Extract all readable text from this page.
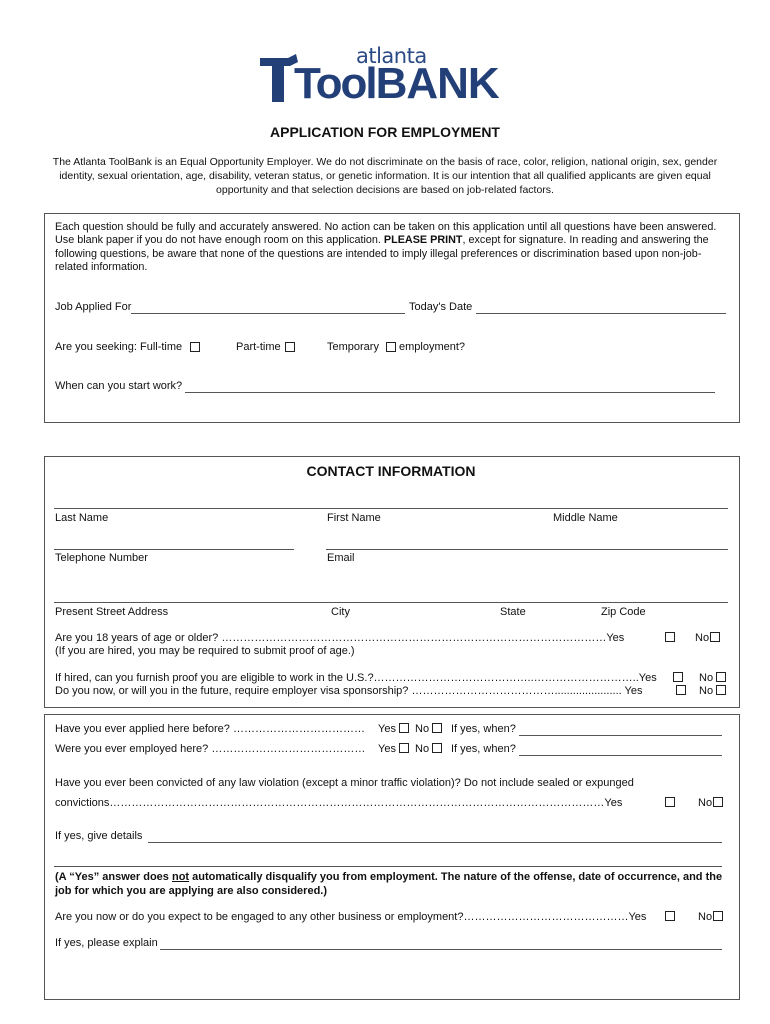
atlanta
ToolBANK
APPLICATION FOR EMPLOYMENT
The Atlanta ToolBank is an Equal Opportunity Employer. We do not discriminate on the basis of race, color, religion, national origin, sex, gender identity, sexual orientation, age, disability, veteran status, or genetic information. It is our intention that all qualified applicants are given equal opportunity and that selection decisions are based on job-related factors.
Each question should be fully and accurately answered. No action can be taken on this application until all questions have been answered. Use blank paper if you do not have enough room on this application. PLEASE PRINT, except for signature. In reading and answering the following questions, be aware that none of the questions are intended to imply illegal preferences or discrimination based upon non-job-related information.
Job Applied For	Today's Date
Are you seeking: Full-time	Part-time	Temporary employment?
When can you start work?
CONTACT INFORMATION
Last Name	First Name	Middle Name
Telephone Number	Email
Present Street Address	City	State	Zip Code
Are you 18 years of age or older? ……………………………………………………………………………………………Yes	No
(If you are hired, you may be required to submit proof of age.)
If hired, can you furnish proof you are eligible to work in the U.S.?……………………………………..………………………..Yes	No
Do you now, or will you in the future, require employer visa sponsorship? …………………………………...................... Yes	No
Have you ever applied here before? ……………………………… Yes No If yes, when?
Were you ever employed here? …………………………………… Yes No If yes, when?
Have you ever been convicted of any law violation (except a minor traffic violation)? Do not include sealed or expunged
convictions………………………………………………………………………………………………………………………Yes	No
If yes, give details
(A “Yes” answer does not automatically disqualify you from employment. The nature of the offense, date of occurrence, and the job for which you are applying are also considered.)
Are you now or do you expect to be engaged to any other business or employment?………………………………………Yes	No
If yes, please explain
